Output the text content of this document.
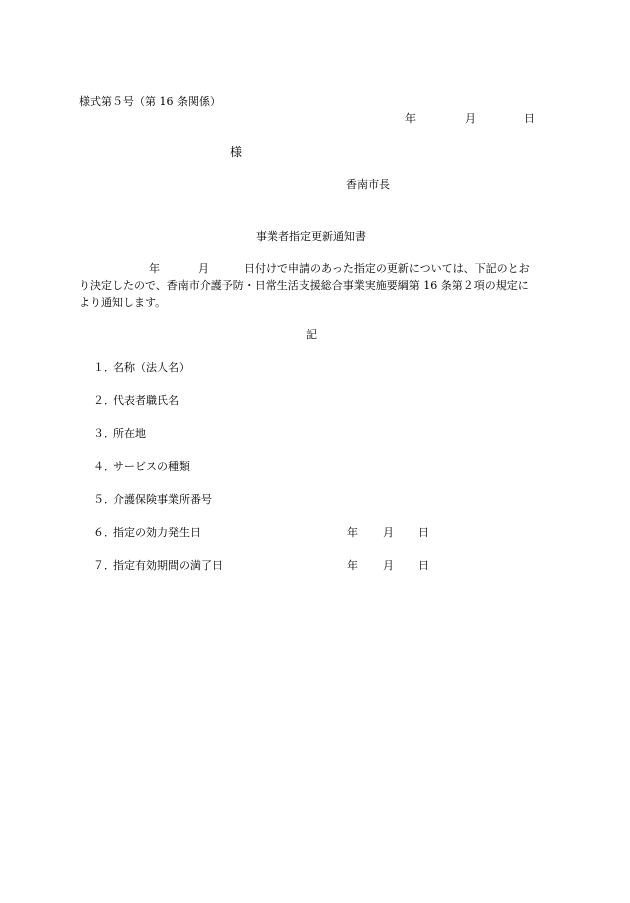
様式第５号（第 16 条関係）
年	月	日
様
香南市長
事業者指定更新通知書
年	月	日付けで申請のあった指定の更新については、下記のとお
り決定したので、香南市介護予防・日常生活支援総合事業実施要綱第 16 条第２項の規定に
より通知します。
記
１．名称（法人名）
２．代表者職氏名
３．所在地
４．サービスの種類
５．介護保険事業所番号
６．指定の効力発生日	年 月 日
７．指定有効期間の満了日	年 月 日
